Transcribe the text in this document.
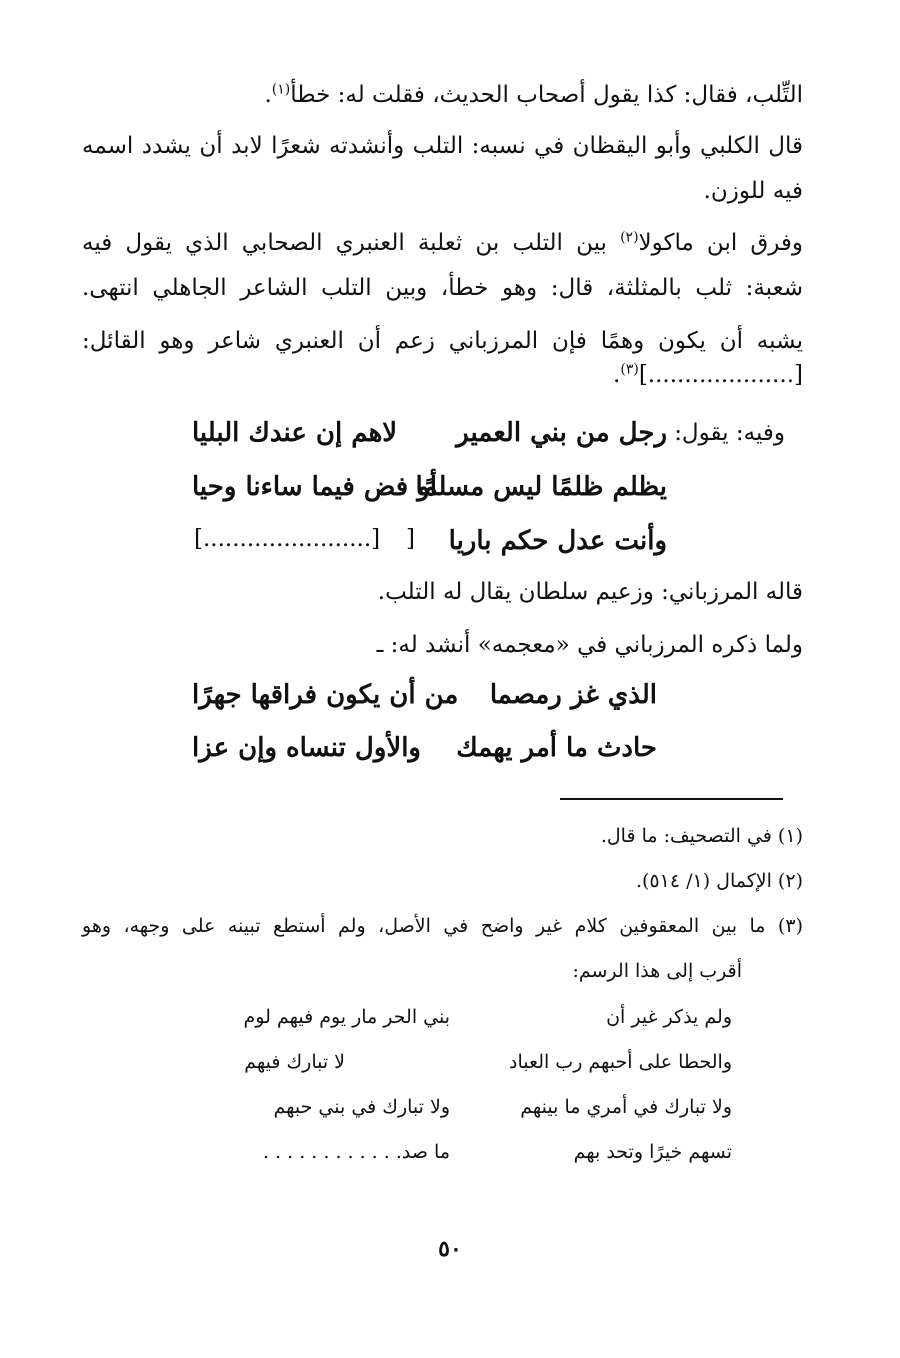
التِّلب، فقال: كذا يقول أصحاب الحديث، فقلت له: خطأ$^{(١)}$.
قال الكلبي وأبو اليقظان في نسبه: التلب وأنشدته شعرًا لابد أن يشدد اسمه
فيه للوزن.
وفرق ابن ماكولا$^{(٢)}$ بين التلب بن ثعلبة العنبري الصحابي الذي يقول فيه
شعبة: ثلب بالمثلثة، قال: وهو خطأ، وبين التلب الشاعر الجاهلي انتهى.
يشبه أن يكون وهمًا فإن المرزباني زعم أن العنبري شاعر وهو القائل:
[....................]$^{(٣)}$.
وفيه: يقول:
رجل من بني العمير
لاهم إن عندك البليا
يظلم ظلمًا ليس مسلمًا
أو فض فيما ساءنا وحيا
وأنت عدل حكم باريا
[
[.......................]
قاله المرزباني: وزعيم سلطان يقال له التلب.
ولما ذكره المرزباني في «معجمه» أنشد له: ـ
الذي غز رمصما
من أن يكون فراقها جهرًا
حادث ما أمر يهمك
والأول تنساه وإن عزا
(١) في التصحيف: ما قال.
(٢) الإكمال (١/ ٥١٤).
(٣) ما بين المعقوفين كلام غير واضح في الأصل، ولم أستطع تبينه على وجهه، وهو
أقرب إلى هذا الرسم:
ولم يذكر غير أن
بني الحر مار يوم فيهم لوم
والحطا على أحبهم رب العباد
لا تبارك فيهم
ولا تبارك في أمري ما بينهم
ولا تبارك في بني حبهم
تسهم خيرًا وتحد بهم
ما صد. . . . . . . . . . . .
٥٠
